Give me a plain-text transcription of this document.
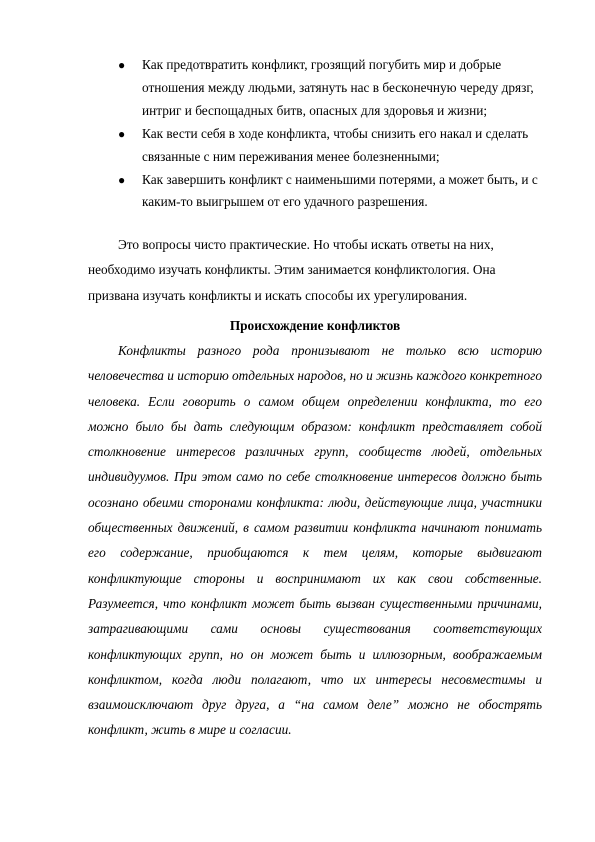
● Как предотвратить конфликт, грозящий погубить мир и добрые отношения между людьми, затянуть нас в бесконечную череду дрязг, интриг и беспощадных битв, опасных для здоровья и жизни;
● Как вести себя в ходе конфликта, чтобы снизить его накал и сделать связанные с ним переживания менее болезненными;
● Как завершить конфликт с наименьшими потерями, а может быть, и с каким-то выигрышем от его удачного разрешения.

Это вопросы чисто практические. Но чтобы искать ответы на них, необходимо изучать конфликты. Этим занимается конфликтология. Она призвана изучать конфликты и искать способы их урегулирования.

Происхождение конфликтов

Конфликты разного рода пронизывают не только всю историю человечества и историю отдельных народов, но и жизнь каждого конкретного человека. Если говорить о самом общем определении конфликта, то его можно было бы дать следующим образом: конфликт представляет собой столкновение интересов различных групп, сообществ людей, отдельных индивидуумов. При этом само по себе столкновение интересов должно быть осознано обеими сторонами конфликта: люди, действующие лица, участники общественных движений, в самом развитии конфликта начинают понимать его содержание, приобщаются к тем целям, которые выдвигают конфликтующие стороны и воспринимают их как свои собственные. Разумеется, что конфликт может быть вызван существенными причинами, затрагивающими сами основы существования соответствующих конфликтующих групп, но он может быть и иллюзорным, воображаемым конфликтом, когда люди полагают, что их интересы несовместимы и взаимоисключают друг друга, а “на самом деле” можно не обострять конфликт, жить в мире и согласии.
